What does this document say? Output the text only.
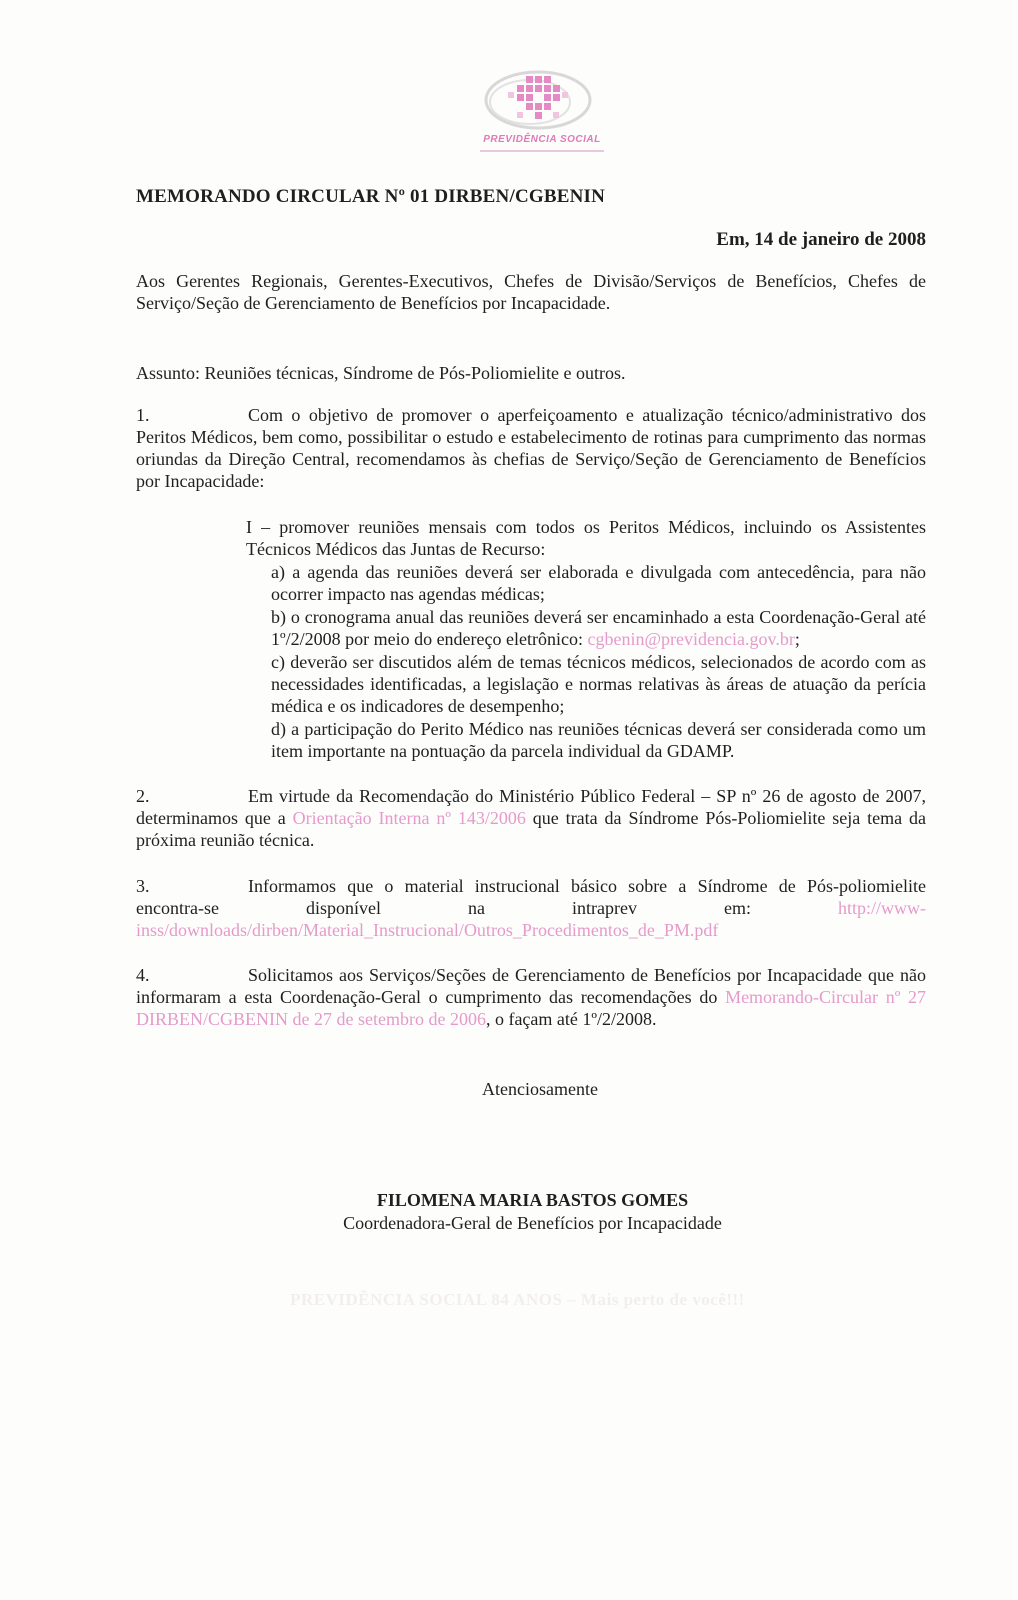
PREVIDÊNCIA SOCIAL
MEMORANDO CIRCULAR Nº 01 DIRBEN/CGBENIN
Em, 14 de janeiro de 2008
Aos Gerentes Regionais, Gerentes-Executivos, Chefes de Divisão/Serviços de Benefícios, Chefes de Serviço/Seção de Gerenciamento de Benefícios por Incapacidade.
Assunto: Reuniões técnicas, Síndrome de Pós-Poliomielite e outros.
1.	Com o objetivo de promover o aperfeiçoamento e atualização técnico/administrativo dos Peritos Médicos, bem como, possibilitar o estudo e estabelecimento de rotinas para cumprimento das normas oriundas da Direção Central, recomendamos às chefias de Serviço/Seção de Gerenciamento de Benefícios por Incapacidade:
I – promover reuniões mensais com todos os Peritos Médicos, incluindo os Assistentes Técnicos Médicos das Juntas de Recurso:
a) a agenda das reuniões deverá ser elaborada e divulgada com antecedência, para não ocorrer impacto nas agendas médicas;
b) o cronograma anual das reuniões deverá ser encaminhado a esta Coordenação-Geral até 1º/2/2008 por meio do endereço eletrônico: cgbenin@previdencia.gov.br;
c) deverão ser discutidos além de temas técnicos médicos, selecionados de acordo com as necessidades identificadas, a legislação e normas relativas às áreas de atuação da perícia médica e os indicadores de desempenho;
d) a participação do Perito Médico nas reuniões técnicas deverá ser considerada como um item importante na pontuação da parcela individual da GDAMP.
2.	Em virtude da Recomendação do Ministério Público Federal – SP nº 26 de agosto de 2007, determinamos que a Orientação Interna nº 143/2006 que trata da Síndrome Pós-Poliomielite seja tema da próxima reunião técnica.
3.	Informamos que o material instrucional básico sobre a Síndrome de Pós-poliomielite encontra-se disponível na intraprev em:	http://www-inss/downloads/dirben/Material_Instrucional/Outros_Procedimentos_de_PM.pdf
4.	Solicitamos aos Serviços/Seções de Gerenciamento de Benefícios por Incapacidade que não informaram a esta Coordenação-Geral o cumprimento das recomendações do Memorando-Circular nº 27 DIRBEN/CGBENIN de 27 de setembro de 2006, o façam até 1º/2/2008.
Atenciosamente
FILOMENA MARIA BASTOS GOMES
Coordenadora-Geral de Benefícios por Incapacidade
PREVIDÊNCIA SOCIAL 84 ANOS – Mais perto de você!!!
